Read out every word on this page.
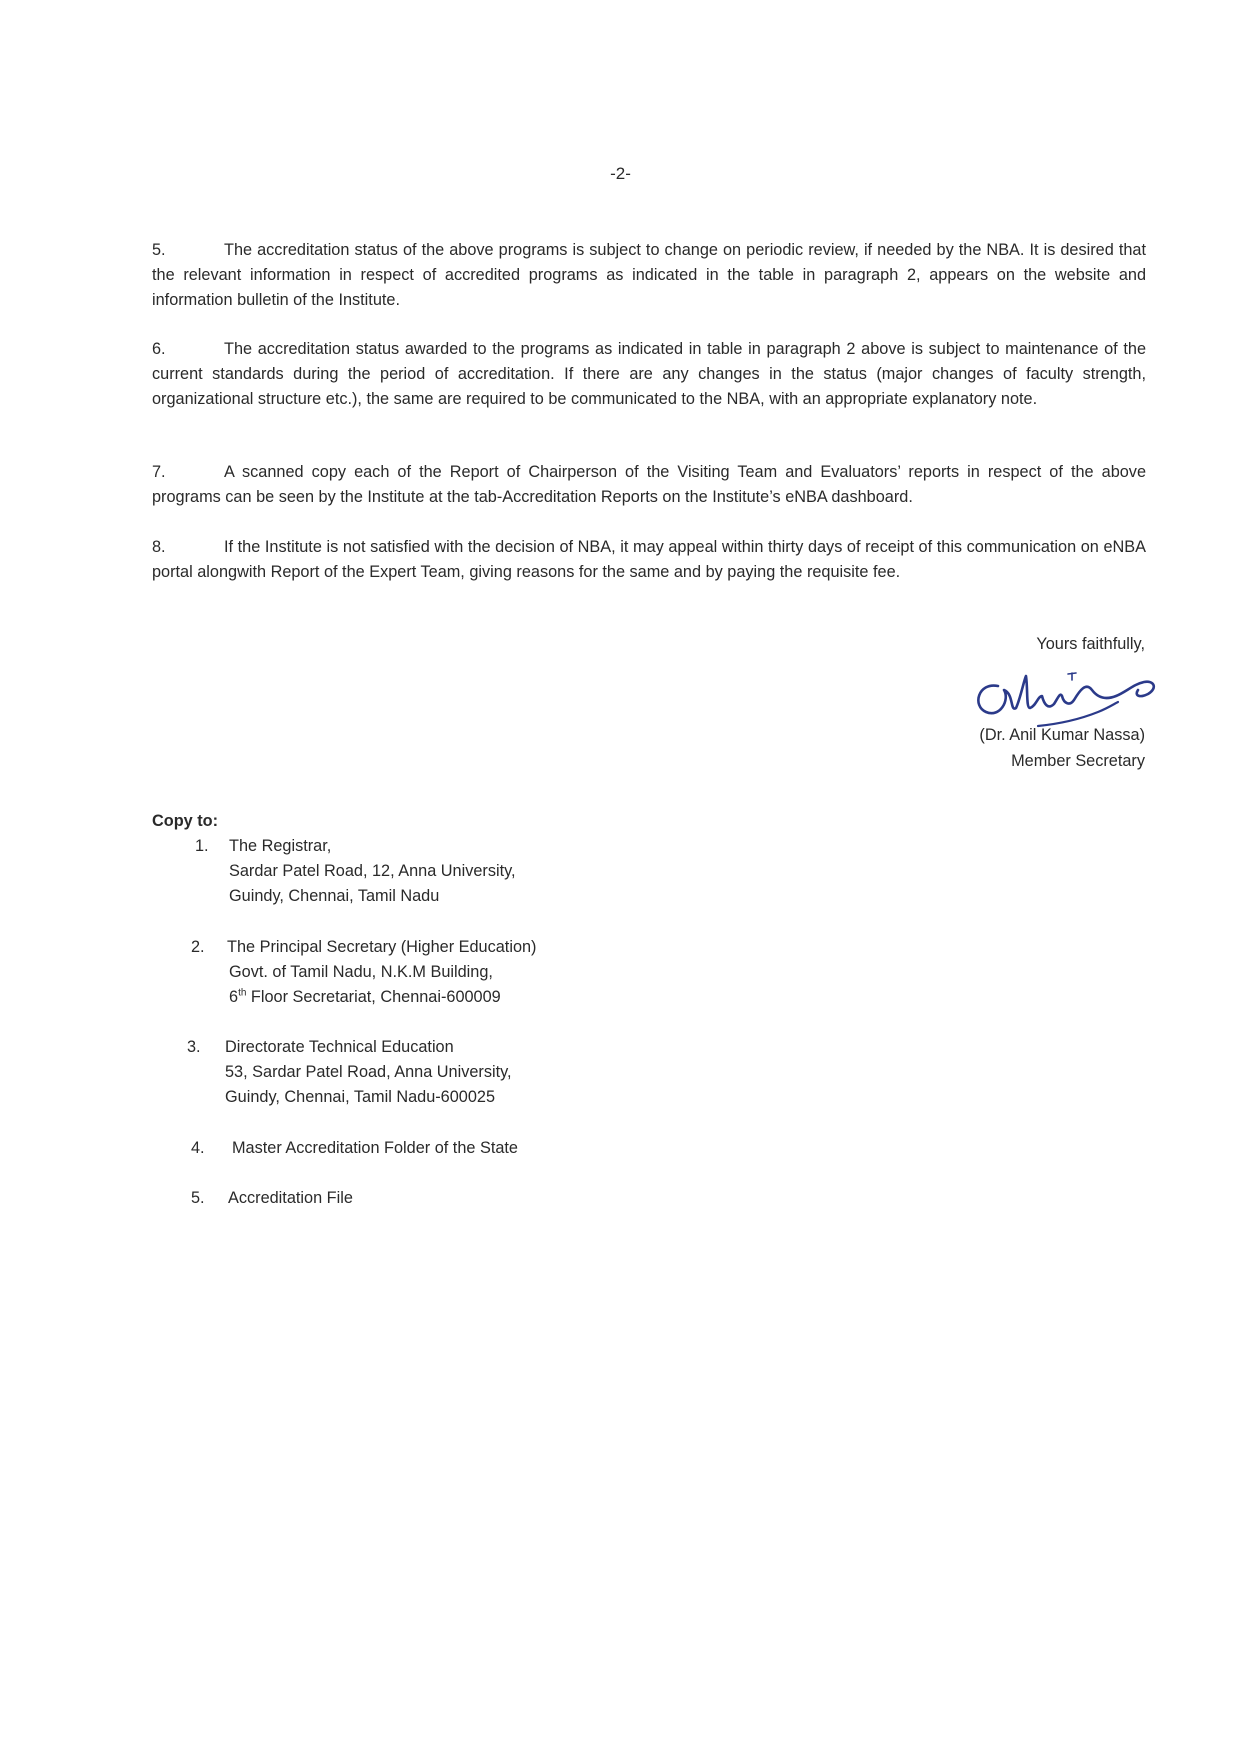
-2-

5.	The accreditation status of the above programs is subject to change on periodic review, if needed by the NBA. It is desired that the relevant information in respect of accredited programs as indicated in the table in paragraph 2, appears on the website and information bulletin of the Institute.

6.	The accreditation status awarded to the programs as indicated in table in paragraph 2 above is subject to maintenance of the current standards during the period of accreditation. If there are any changes in the status (major changes of faculty strength, organizational structure etc.), the same are required to be communicated to the NBA, with an appropriate explanatory note.

7.	A scanned copy each of the Report of Chairperson of the Visiting Team and Evaluators’ reports in respect of the above programs can be seen by the Institute at the tab-Accreditation Reports on the Institute’s eNBA dashboard.

8.	If the Institute is not satisfied with the decision of NBA, it may appeal within thirty days of receipt of this communication on eNBA portal alongwith Report of the Expert Team, giving reasons for the same and by paying the requisite fee.

Yours faithfully,
(Dr. Anil Kumar Nassa)
Member Secretary
Copy to:
1.	The Registrar,
Sardar Patel Road, 12, Anna University,
Guindy, Chennai, Tamil Nadu
2.	The Principal Secretary (Higher Education)
Govt. of Tamil Nadu, N.K.M Building,
6th Floor Secretariat, Chennai-600009
3.	Directorate Technical Education
53, Sardar Patel Road, Anna University,
Guindy, Chennai, Tamil Nadu-600025
4.	Master Accreditation Folder of the State
5.	Accreditation File
